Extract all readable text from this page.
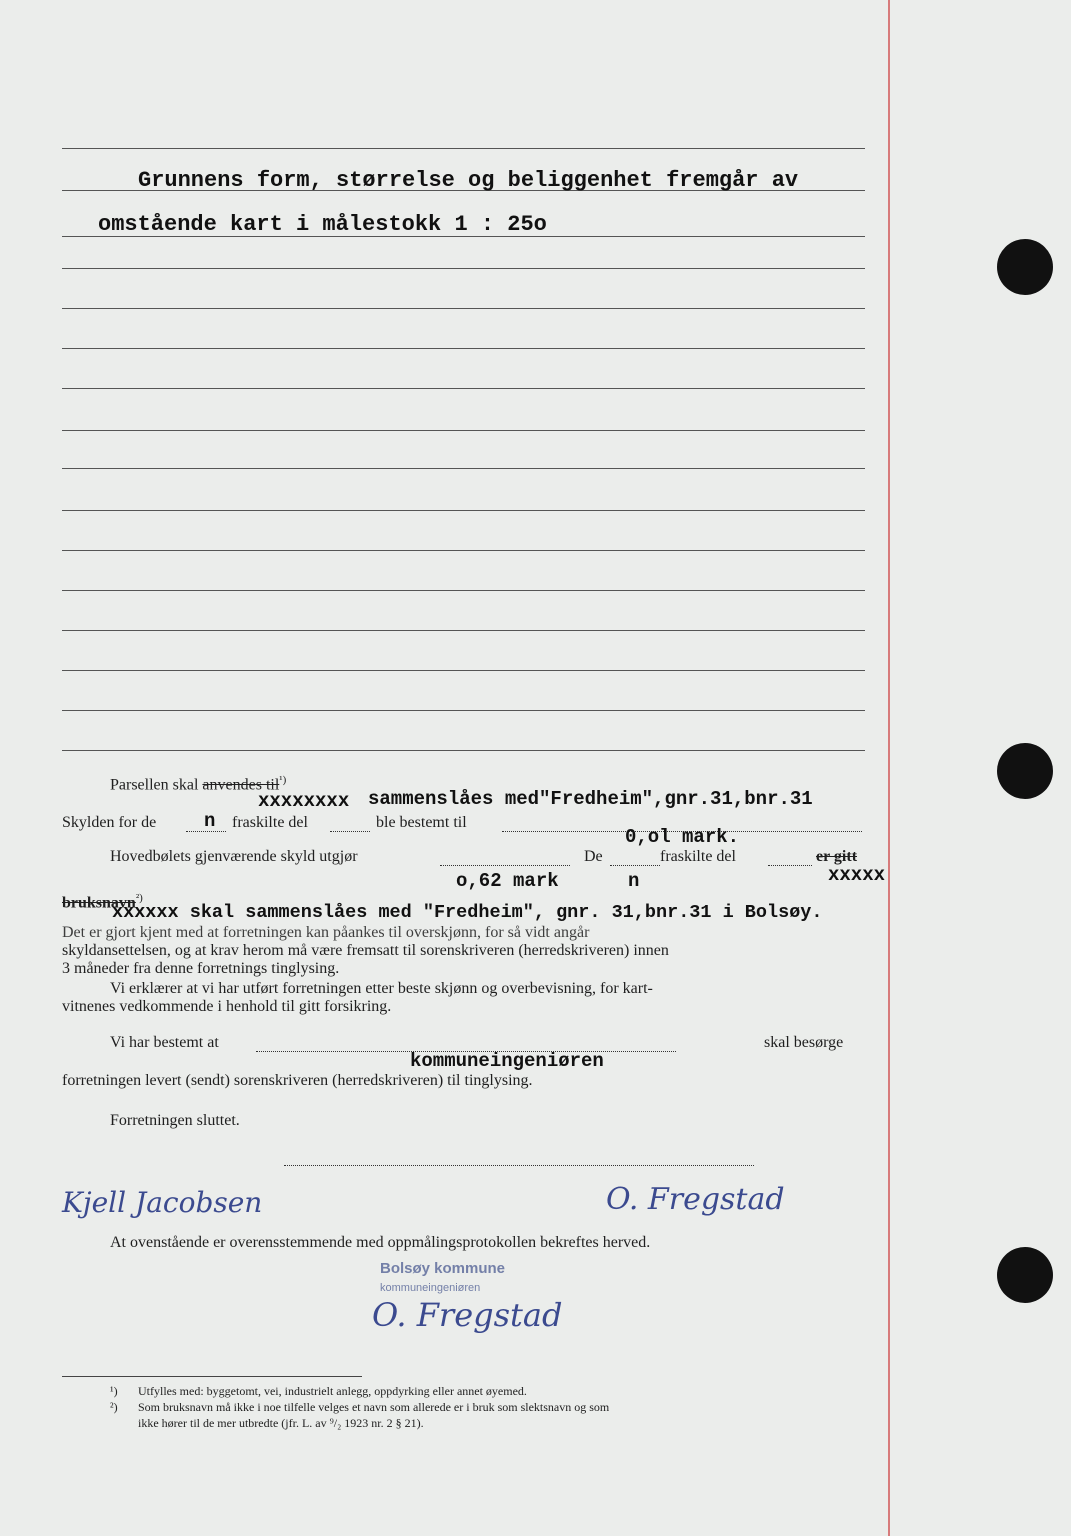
Grunnens form, størrelse og beliggenhet fremgår av
omstående kart i målestokk 1 : 25o
Parsellen skal anvendes til$^{^1)}$
xxxxxxxx sammenslåes med"Fredheim",gnr.31,bnr.31
Skylden for de	n fraskilte del	ble bestemt til
0,ol mark.
Hovedbølets gjenværende skyld utgjør	De	fraskilte del	er gitt
xxxxx
o,62 mark	n
bruksnavn$^{^2)}$
xxxxxx skal sammenslåes med "Fredheim", gnr. 31,bnr.31 i Bolsøy.
Det er gjort kjent med at forretningen kan påankes til overskjønn, for så vidt angår
skyldansettelsen, og at krav herom må være fremsatt til sorenskriveren (herredskriveren) innen
3 måneder fra denne forretnings tinglysing.
Vi erklærer at vi har utført forretningen etter beste skjønn og overbevisning, for kart-
vitnenes vedkommende i henhold til gitt forsikring.
Vi har bestemt at	skal besørge
kommuneingeniøren
forretningen levert (sendt) sorenskriveren (herredskriveren) til tinglysing.
Forretningen sluttet.
Kjell Jacobsen	O. Fregstad
At ovenstående er overensstemmende med oppmålingsprotokollen bekreftes herved.
Bolsøy kommune
kommuneingeniøren
O. Fregstad
¹) Utfylles med: byggetomt, vei, industrielt anlegg, oppdyrking eller annet øyemed.
²) Som bruksnavn må ikke i noe tilfelle velges et navn som allerede er i bruk som slektsnavn og som
ikke hører til de mer utbredte (jfr. L. av ⁹/₂ 1923 nr. 2 § 21).
